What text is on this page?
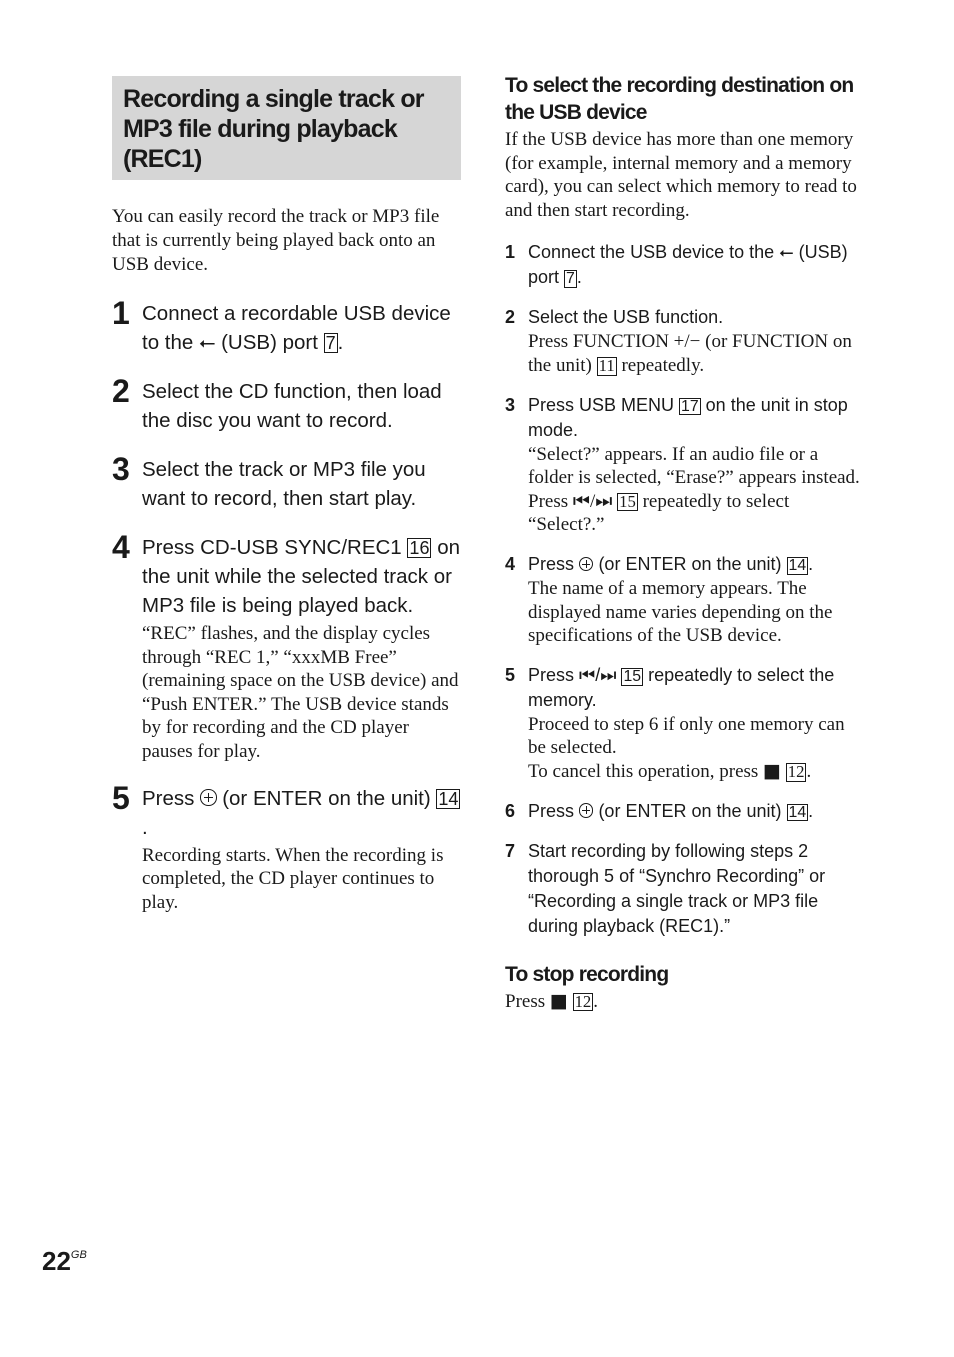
Recording a single track or MP3 file during playback (REC1)

You can easily record the track or MP3 file that is currently being played back onto an USB device.

1 Connect a recordable USB device to the ⭠ (USB) port 7.
2 Select the CD function, then load the disc you want to record.
3 Select the track or MP3 file you want to record, then start play.
4 Press CD-USB SYNC/REC1 16 on the unit while the selected track or MP3 file is being played back.
“REC” flashes, and the display cycles through “REC 1,” “xxxMB Free” (remaining space on the USB device) and “Push ENTER.” The USB device stands by for recording and the CD player pauses for play.
5 Press (or ENTER on the unit) 14.
Recording starts. When the recording is completed, the CD player continues to play.
To select the recording destination on the USB device

If the USB device has more than one memory (for example, internal memory and a memory card), you can select which memory to read to and then start recording.

1 Connect the USB device to the ⭠ (USB) port 7 .
2 Select the USB function.
Press FUNCTION +/− (or FUNCTION on the unit) 11 repeatedly.
3 Press USB MENU 17 on the unit in stop mode.
“Select?” appears. If an audio file or a folder is selected, “Erase?” appears instead. Press ⏮/⏭ 15 repeatedly to select “Select?.”
4 Press (or ENTER on the unit) 14 .
The name of a memory appears. The displayed name varies depending on the specifications of the USB device.
5 Press ⏮/⏭ 15 repeatedly to select the memory.
Proceed to step 6 if only one memory can be selected.
To cancel this operation, press ■ 12 .
6 Press (or ENTER on the unit) 14 .
7 Start recording by following steps 2 thorough 5 of “Synchro Recording” or “Recording a single track or MP3 file during playback (REC1).”
To stop recording

Press ■ 12 .

$22^{GB}$
